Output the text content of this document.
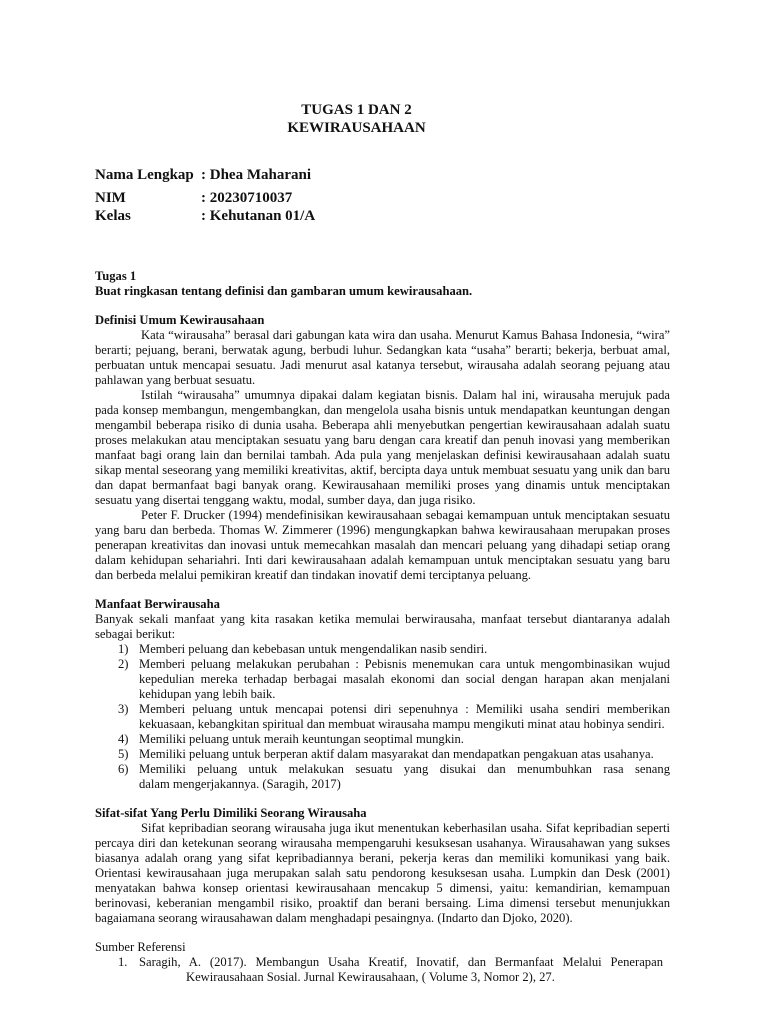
TUGAS 1 DAN 2
KEWIRAUSAHAAN
Nama Lengkap : Dhea Maharani
NIM	: 20230710037
Kelas	: Kehutanan 01/A
Tugas 1
Buat ringkasan tentang definisi dan gambaran umum kewirausahaan.
Definisi Umum Kewirausahaan
Kata “wirausaha” berasal dari gabungan kata wira dan usaha. Menurut Kamus Bahasa Indonesia, “wira”
berarti; pejuang, berani, berwatak agung, berbudi luhur. Sedangkan kata “usaha” berarti; bekerja, berbuat amal,
perbuatan untuk mencapai sesuatu. Jadi menurut asal katanya tersebut, wirausaha adalah seorang pejuang atau
pahlawan yang berbuat sesuatu.
Istilah “wirausaha” umumnya dipakai dalam kegiatan bisnis. Dalam hal ini, wirausaha merujuk pada
pada konsep membangun, mengembangkan, dan mengelola usaha bisnis untuk mendapatkan keuntungan dengan
mengambil beberapa risiko di dunia usaha. Beberapa ahli menyebutkan pengertian kewirausahaan adalah suatu
proses melakukan atau menciptakan sesuatu yang baru dengan cara kreatif dan penuh inovasi yang memberikan
manfaat bagi orang lain dan bernilai tambah. Ada pula yang menjelaskan definisi kewirausahaan adalah suatu
sikap mental seseorang yang memiliki kreativitas, aktif, bercipta daya untuk membuat sesuatu yang unik dan baru
dan dapat bermanfaat bagi banyak orang. Kewirausahaan memiliki proses yang dinamis untuk menciptakan
sesuatu yang disertai tenggang waktu, modal, sumber daya, dan juga risiko.
Peter F. Drucker (1994) mendefinisikan kewirausahaan sebagai kemampuan untuk menciptakan sesuatu
yang baru dan berbeda. Thomas W. Zimmerer (1996) mengungkapkan bahwa kewirausahaan merupakan proses
penerapan kreativitas dan inovasi untuk memecahkan masalah dan mencari peluang yang dihadapi setiap orang
dalam kehidupan sehariahri. Inti dari kewirausahaan adalah kemampuan untuk menciptakan sesuatu yang baru
dan berbeda melalui pemikiran kreatif dan tindakan inovatif demi terciptanya peluang.
Manfaat Berwirausaha
Banyak sekali manfaat yang kita rasakan ketika memulai berwirausaha, manfaat tersebut diantaranya adalah
sebagai berikut:
1) Memberi peluang dan kebebasan untuk mengendalikan nasib sendiri.
2) Memberi peluang melakukan perubahan : Pebisnis menemukan cara untuk mengombinasikan wujud
kepedulian mereka terhadap berbagai masalah ekonomi dan social dengan harapan akan menjalani
kehidupan yang lebih baik.
3) Memberi peluang untuk mencapai potensi diri sepenuhnya : Memiliki usaha sendiri memberikan
kekuasaan, kebangkitan spiritual dan membuat wirausaha mampu mengikuti minat atau hobinya sendiri.
4) Memiliki peluang untuk meraih keuntungan seoptimal mungkin.
5) Memiliki peluang untuk berperan aktif dalam masyarakat dan mendapatkan pengakuan atas usahanya.
6) Memiliki peluang untuk melakukan sesuatu yang disukai dan menumbuhkan rasa senang
dalam mengerjakannya. (Saragih, 2017)
Sifat-sifat Yang Perlu Dimiliki Seorang Wirausaha
Sifat kepribadian seorang wirausaha juga ikut menentukan keberhasilan usaha. Sifat kepribadian seperti
percaya diri dan ketekunan seorang wirausaha mempengaruhi kesuksesan usahanya. Wirausahawan yang sukses
biasanya adalah orang yang sifat kepribadiannya berani, pekerja keras dan memiliki komunikasi yang baik.
Orientasi kewirausahaan juga merupakan salah satu pendorong kesuksesan usaha. Lumpkin dan Desk (2001)
menyatakan bahwa konsep orientasi kewirausahaan mencakup 5 dimensi, yaitu: kemandirian, kemampuan
berinovasi, keberanian mengambil risiko, proaktif dan berani bersaing. Lima dimensi tersebut menunjukkan
bagaiamana seorang wirausahawan dalam menghadapi pesaingnya. (Indarto dan Djoko, 2020).
Sumber Referensi
1. Saragih, A. (2017). Membangun Usaha Kreatif, Inovatif, dan Bermanfaat Melalui Penerapan
Kewirausahaan Sosial. Jurnal Kewirausahaan, ( Volume 3, Nomor 2), 27.
